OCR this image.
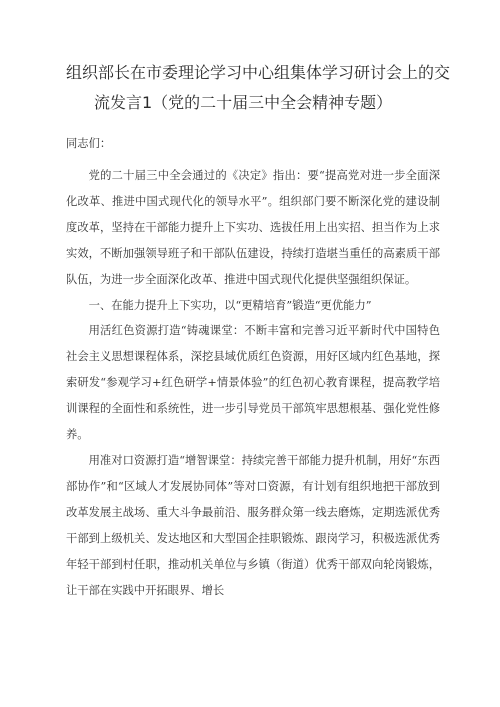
组织部长在市委理论学习中心组集体学习研讨会上的交
流发言1（党的二十届三中全会精神专题）

同志们：

党的二十届三中全会通过的《决定》指出：要“提高党对进一步全面深化改革、推进中国式现代化的领导水平”。组织部门要不断深化党的建设制度改革，坚持在干部能力提升上下实功、选拔任用上出实招、担当作为上求实效，不断加强领导班子和干部队伍建设，持续打造堪当重任的高素质干部队伍，为进一步全面深化改革、推进中国式现代化提供坚强组织保证。

一、在能力提升上下实功，以“更精培育”锻造“更优能力”

用活红色资源打造“铸魂课堂：不断丰富和完善习近平新时代中国特色社会主义思想课程体系，深挖县域优质红色资源，用好区域内红色基地，探索研发“参观学习+红色研学+情景体验”的红色初心教育课程，提高教学培训课程的全面性和系统性，进一步引导党员干部筑牢思想根基、强化党性修养。

用准对口资源打造“增智课堂：持续完善干部能力提升机制，用好“东西部协作”和“区域人才发展协同体”等对口资源，有计划有组织地把干部放到改革发展主战场、重大斗争最前沿、服务群众第一线去磨炼，定期选派优秀干部到上级机关、发达地区和大型国企挂职锻炼、跟岗学习，积极选派优秀年轻干部到村任职，推动机关单位与乡镇（街道）优秀干部双向轮岗锻炼，让干部在实践中开拓眼界、增长
